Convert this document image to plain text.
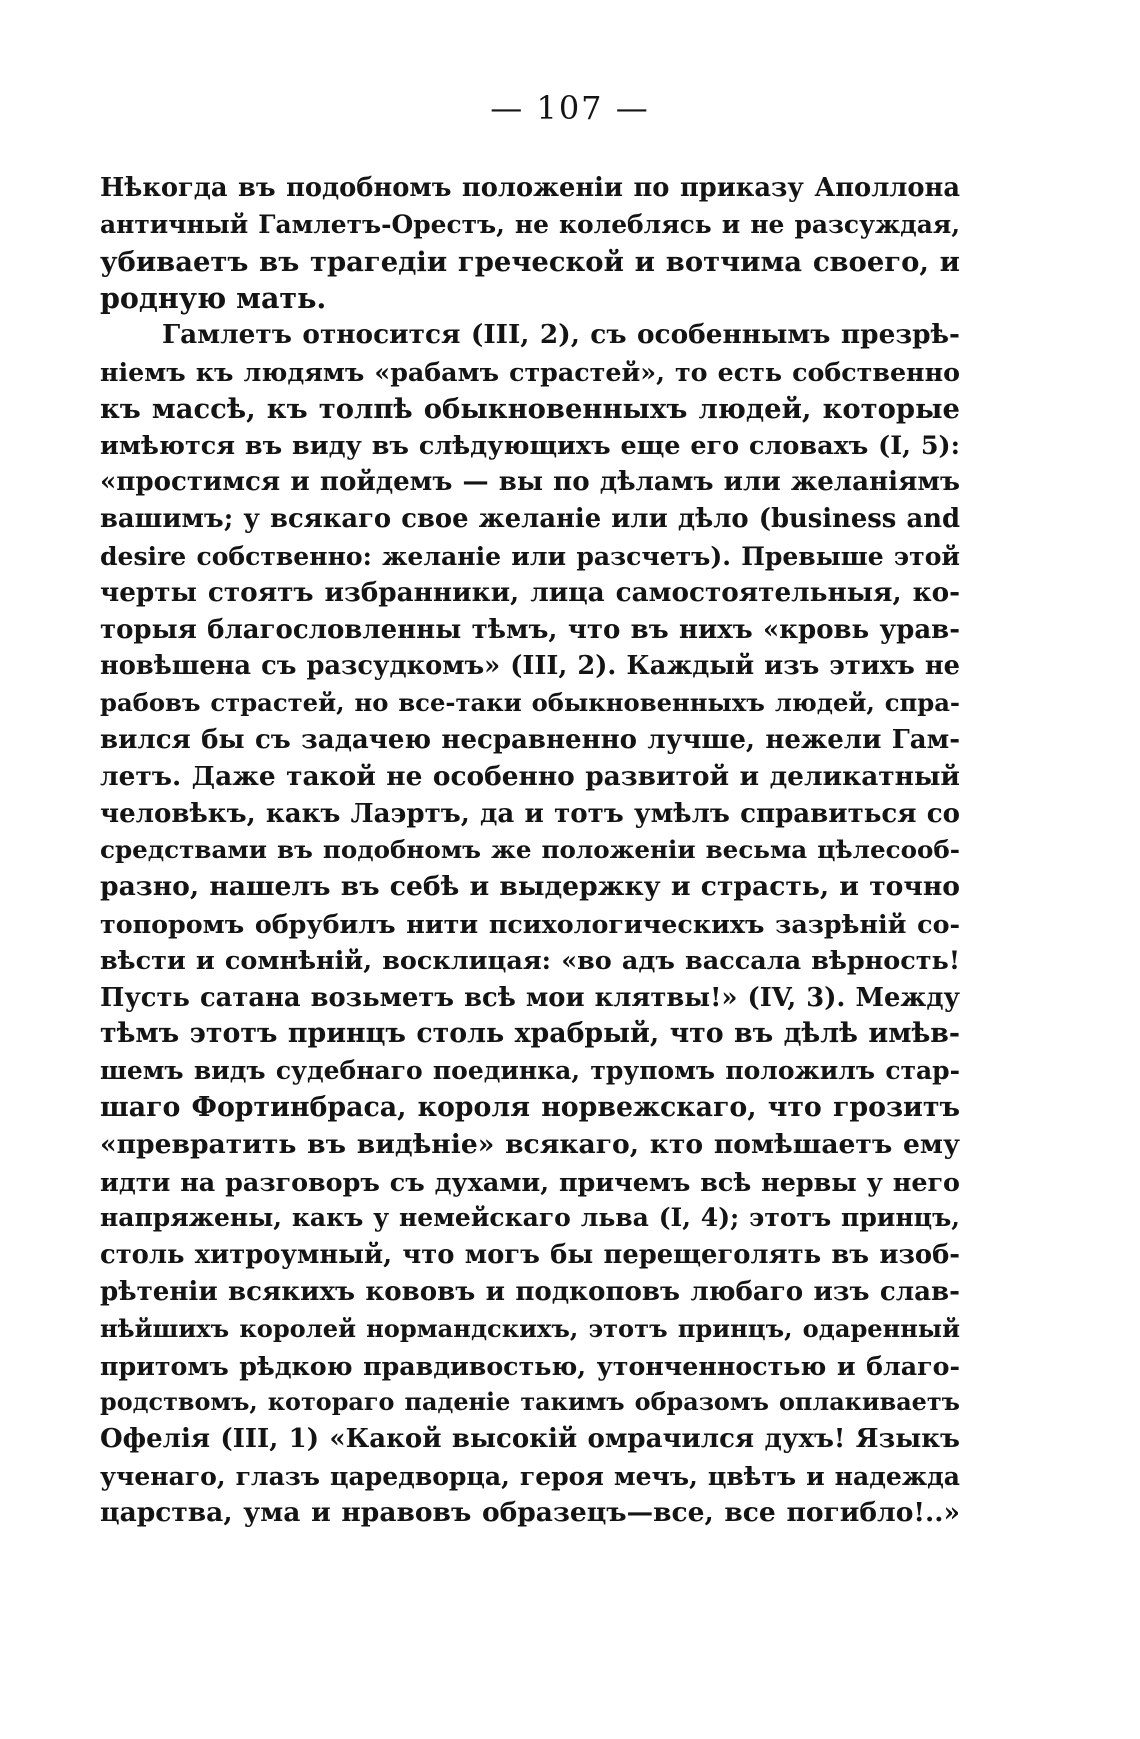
— 107 —
Нѣкогда въ подобномъ положенiи по приказу Аполлона
античный Гамлетъ-Орестъ, не колеблясь и не разсуждая,
убиваетъ въ трагедiи греческой и вотчима своего, и
родную мать.
Гамлетъ относится (III, 2), съ особеннымъ презрѣ-
нiемъ къ людямъ «рабамъ страстей», то есть собственно
къ массѣ, къ толпѣ обыкновенныхъ людей, которые
имѣются въ виду въ слѣдующихъ еще его словахъ (I, 5):
«простимся и пойдемъ — вы по дѣламъ или желанiямъ
вашимъ; у всякаго свое желанiе или дѣло (business and
desire собственно: желанiе или разсчетъ). Превыше этой
черты стоятъ избранники, лица самостоятельныя, ко-
торыя благословленны тѣмъ, что въ нихъ «кровь урав-
новѣшена съ разсудкомъ» (III, 2). Каждый изъ этихъ не
рабовъ страстей, но все-таки обыкновенныхъ людей, спра-
вился бы съ задачею несравненно лучше, нежели Гам-
летъ. Даже такой не особенно развитой и деликатный
человѣкъ, какъ Лаэртъ, да и тотъ умѣлъ справиться со
средствами въ подобномъ же положенiи весьма цѣлесооб-
разно, нашелъ въ себѣ и выдержку и страсть, и точно
топоромъ обрубилъ нити психологическихъ зазрѣнiй со-
вѣсти и сомнѣнiй, восклицая: «во адъ вассала вѣрность!
Пусть сатана возьметъ всѣ мои клятвы!» (IV, 3). Между
тѣмъ этотъ принцъ столь храбрый, что въ дѣлѣ имѣв-
шемъ видъ судебнаго поединка, трупомъ положилъ стар-
шаго Фортинбраса, короля норвежскаго, что грозитъ
«превратить въ видѣнiе» всякаго, кто помѣшаетъ ему
идти на разговоръ съ духами, причемъ всѣ нервы у него
напряжены, какъ у немейскаго льва (I, 4); этотъ принцъ,
столь хитроумный, что могъ бы перещеголять въ изоб-
рѣтенiи всякихъ кововъ и подкоповъ любаго изъ слав-
нѣйшихъ королей нормандскихъ, этотъ принцъ, одаренный
притомъ рѣдкою правдивостью, утонченностью и благо-
родствомъ, котораго паденiе такимъ образомъ оплакиваетъ
Офелiя (III, 1) «Какой высокiй омрачился духъ! Языкъ
ученаго, глазъ царедворца, героя мечъ, цвѣтъ и надежда
царства, ума и нравовъ образецъ—все, все погибло!..»
